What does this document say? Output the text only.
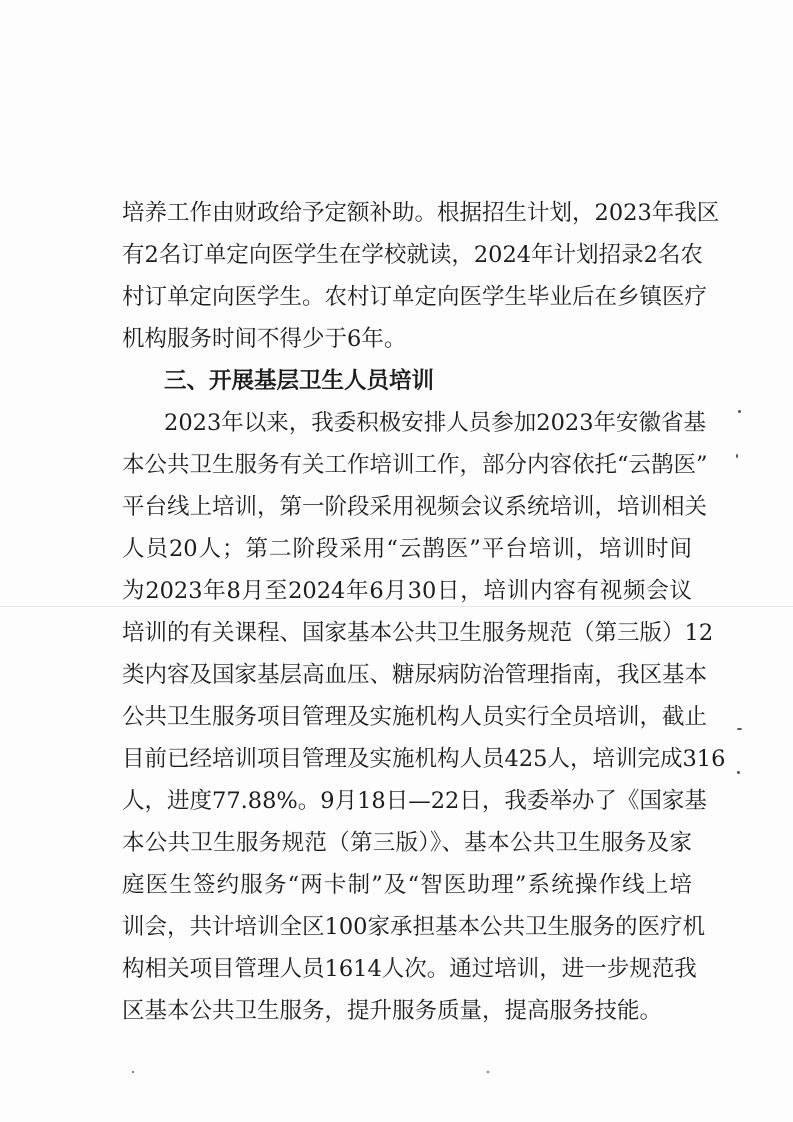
培养工作由财政给予定额补助。根据招生计划，2023年我区
有2名订单定向医学生在学校就读，2024年计划招录2名农
村订单定向医学生。农村订单定向医学生毕业后在乡镇医疗
机构服务时间不得少于6年。
三、开展基层卫生人员培训
2023年以来，我委积极安排人员参加2023年安徽省基
本公共卫生服务有关工作培训工作，部分内容依托“云鹊医”
平台线上培训，第一阶段采用视频会议系统培训，培训相关
人员20人；第二阶段采用“云鹊医”平台培训，培训时间
为2023年8月至2024年6月30日，培训内容有视频会议
培训的有关课程、国家基本公共卫生服务规范（第三版）12
类内容及国家基层高血压、糖尿病防治管理指南，我区基本
公共卫生服务项目管理及实施机构人员实行全员培训，截止
目前已经培训项目管理及实施机构人员425人，培训完成316
人，进度77.88%。9月18日—22日，我委举办了《国家基
本公共卫生服务规范（第三版）》、基本公共卫生服务及家
庭医生签约服务“两卡制”及“智医助理”系统操作线上培
训会，共计培训全区100家承担基本公共卫生服务的医疗机
构相关项目管理人员1614人次。通过培训，进一步规范我
区基本公共卫生服务，提升服务质量，提高服务技能。
